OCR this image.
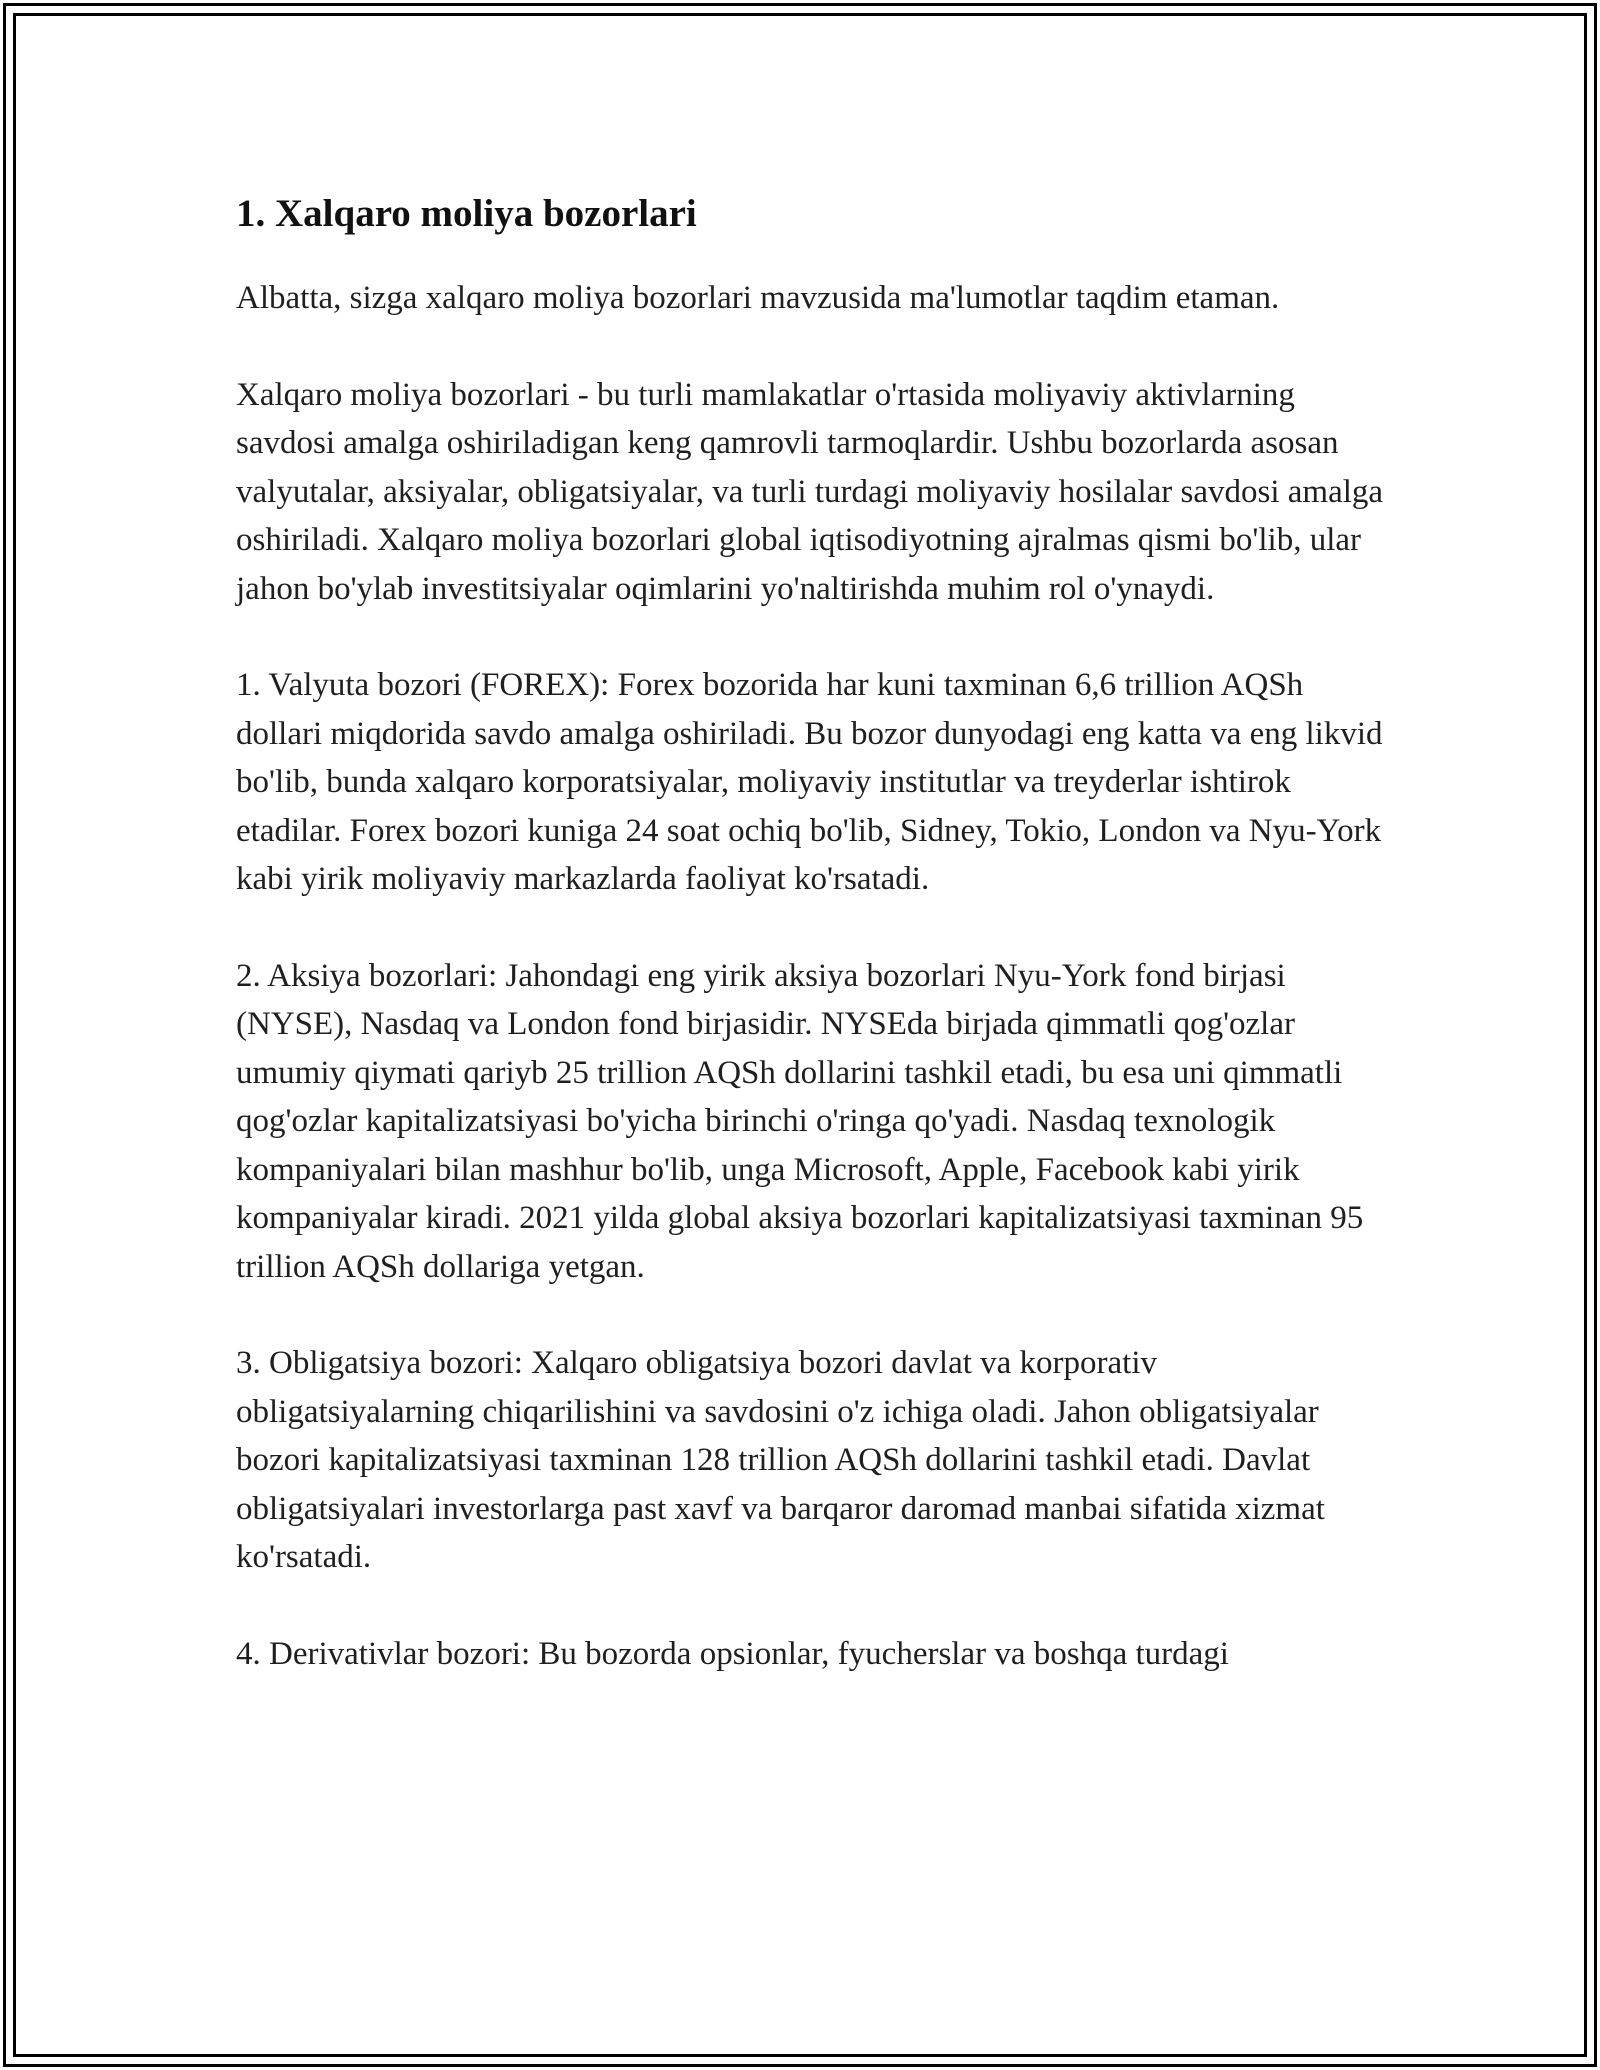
1. Xalqaro moliya bozorlari

Albatta, sizga xalqaro moliya bozorlari mavzusida ma'lumotlar taqdim etaman.

Xalqaro moliya bozorlari - bu turli mamlakatlar o'rtasida moliyaviy aktivlarning savdosi amalga oshiriladigan keng qamrovli tarmoqlardir. Ushbu bozorlarda asosan valyutalar, aksiyalar, obligatsiyalar, va turli turdagi moliyaviy hosilalar savdosi amalga oshiriladi. Xalqaro moliya bozorlari global iqtisodiyotning ajralmas qismi bo'lib, ular jahon bo'ylab investitsiyalar oqimlarini yo'naltirishda muhim rol o'ynaydi.

1. Valyuta bozori (FOREX): Forex bozorida har kuni taxminan 6,6 trillion AQSh dollari miqdorida savdo amalga oshiriladi. Bu bozor dunyodagi eng katta va eng likvid bo'lib, bunda xalqaro korporatsiyalar, moliyaviy institutlar va treyderlar ishtirok etadilar. Forex bozori kuniga 24 soat ochiq bo'lib, Sidney, Tokio, London va Nyu-York kabi yirik moliyaviy markazlarda faoliyat ko'rsatadi.

2. Aksiya bozorlari: Jahondagi eng yirik aksiya bozorlari Nyu-York fond birjasi (NYSE), Nasdaq va London fond birjasidir. NYSEda birjada qimmatli qog'ozlar umumiy qiymati qariyb 25 trillion AQSh dollarini tashkil etadi, bu esa uni qimmatli qog'ozlar kapitalizatsiyasi bo'yicha birinchi o'ringa qo'yadi. Nasdaq texnologik kompaniyalari bilan mashhur bo'lib, unga Microsoft, Apple, Facebook kabi yirik kompaniyalar kiradi. 2021 yilda global aksiya bozorlari kapitalizatsiyasi taxminan 95 trillion AQSh dollariga yetgan.

3. Obligatsiya bozori: Xalqaro obligatsiya bozori davlat va korporativ obligatsiyalarning chiqarilishini va savdosini o'z ichiga oladi. Jahon obligatsiyalar bozori kapitalizatsiyasi taxminan 128 trillion AQSh dollarini tashkil etadi. Davlat obligatsiyalari investorlarga past xavf va barqaror daromad manbai sifatida xizmat ko'rsatadi.

4. Derivativlar bozori: Bu bozorda opsionlar, fyucherslar va boshqa turdagi
